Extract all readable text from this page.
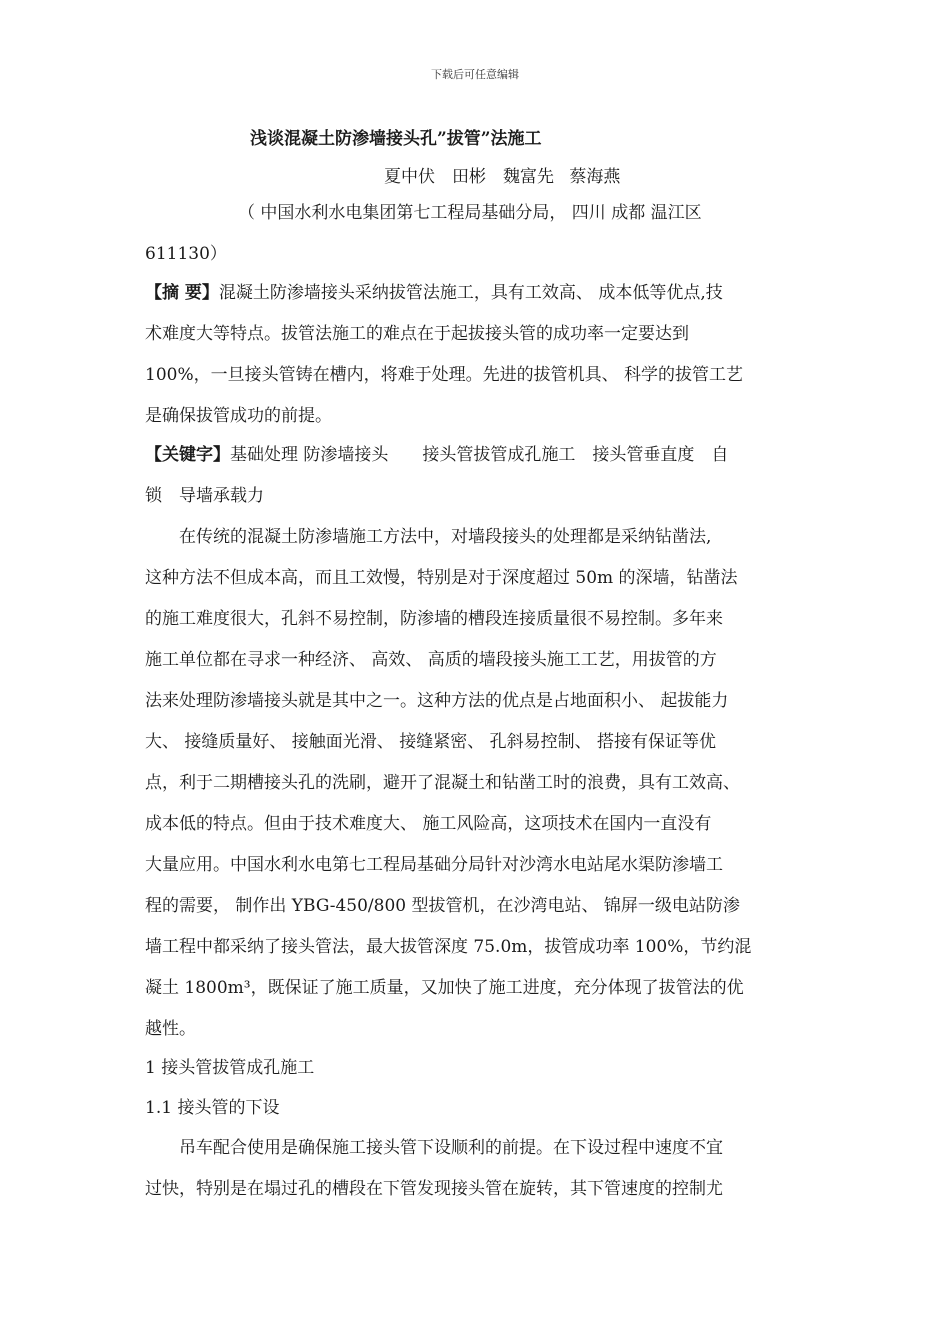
下载后可任意编辑
浅谈混凝土防渗墙接头孔”拔管”法施工
夏中伏　田彬　魏富先 蔡海燕
（ 中国水利水电集团第七工程局基础分局， 四川 成都 温江区
611130）
【摘 要】混凝土防渗墙接头采纳拔管法施工，具有工效高、 成本低等优点,技
术难度大等特点。拔管法施工的难点在于起拔接头管的成功率一定要达到
100%，一旦接头管铸在槽内，将难于处理。先进的拔管机具、 科学的拔管工艺
是确保拔管成功的前提。
【关键字】基础处理 防渗墙接头　　接头管拔管成孔施工　接头管垂直度　自
锁　导墙承载力
　　在传统的混凝土防渗墙施工方法中，对墙段接头的处理都是采纳钻凿法,
这种方法不但成本高，而且工效慢，特别是对于深度超过 50m 的深墙，钻凿法
的施工难度很大，孔斜不易控制，防渗墙的槽段连接质量很不易控制。多年来
施工单位都在寻求一种经济、 高效、 高质的墙段接头施工工艺，用拔管的方
法来处理防渗墙接头就是其中之一。这种方法的优点是占地面积小、 起拔能力
大、 接缝质量好、 接触面光滑、 接缝紧密、 孔斜易控制、 搭接有保证等优
点，利于二期槽接头孔的洗刷，避开了混凝土和钻凿工时的浪费，具有工效高、
成本低的特点。但由于技术难度大、 施工风险高，这项技术在国内一直没有
大量应用。中国水利水电第七工程局基础分局针对沙湾水电站尾水渠防渗墙工
程的需要， 制作出 YBG-450/800 型拔管机，在沙湾电站、 锦屏一级电站防渗
墙工程中都采纳了接头管法，最大拔管深度 75.0m，拔管成功率 100%，节约混
凝土 1800m³，既保证了施工质量，又加快了施工进度，充分体现了拔管法的优
越性。
1 接头管拔管成孔施工
1.1 接头管的下设
　　吊车配合使用是确保施工接头管下设顺利的前提。在下设过程中速度不宜
过快，特别是在塌过孔的槽段在下管发现接头管在旋转，其下管速度的控制尤
